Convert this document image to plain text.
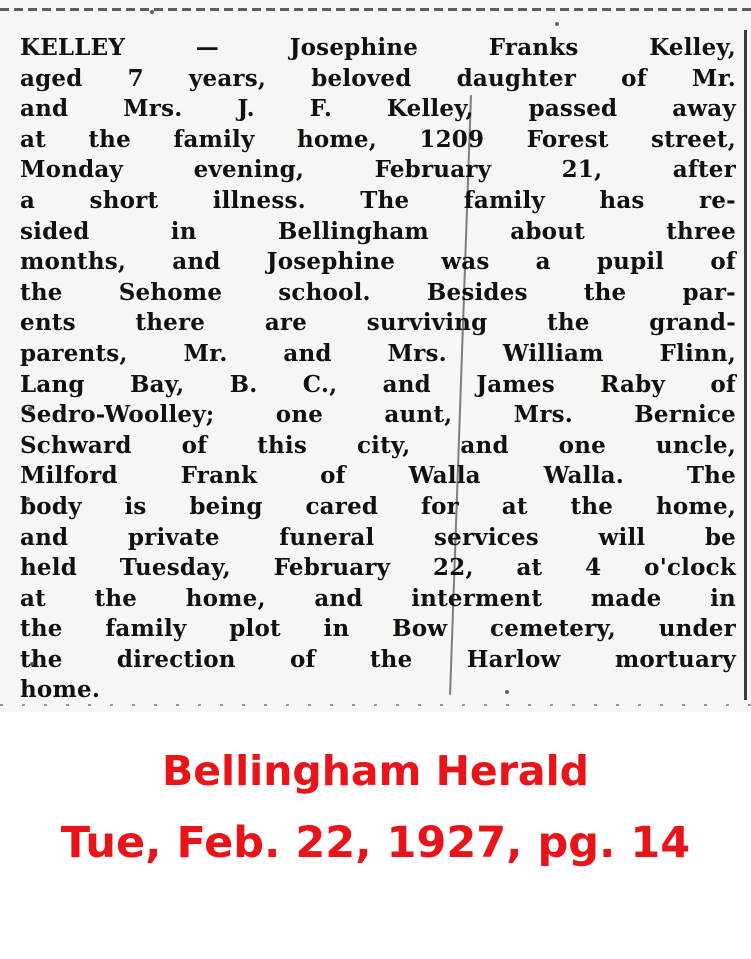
KELLEY	—	Josephine	Franks	Kelley,
aged 7 years, beloved daughter of Mr.
and Mrs. J. F. Kelley, passed away
at the family home, 1209 Forest street,
Monday	evening,	February	21,	after
a short illness. The family has re-
sided	in	Bellingham	about	three
months, and Josephine was a pupil of
the Sehome school. Besides the par-
ents	there	are	surviving	the	grand-
parents, Mr. and Mrs. William Flinn,
Lang Bay, B. C., and James Raby of
Sedro-Woolley;	one	aunt,	Mrs.	Bernice
Schward of this city, and one uncle,
Milford	Frank	of	Walla	Walla.	The
body is being cared for at the home,
and	private	funeral	services	will	be
held Tuesday, February 22, at 4 o'clock
at the home, and interment made in
the family plot in Bow cemetery, under
the direction of the Harlow mortuary
home.
Bellingham Herald
Tue, Feb. 22, 1927, pg. 14
